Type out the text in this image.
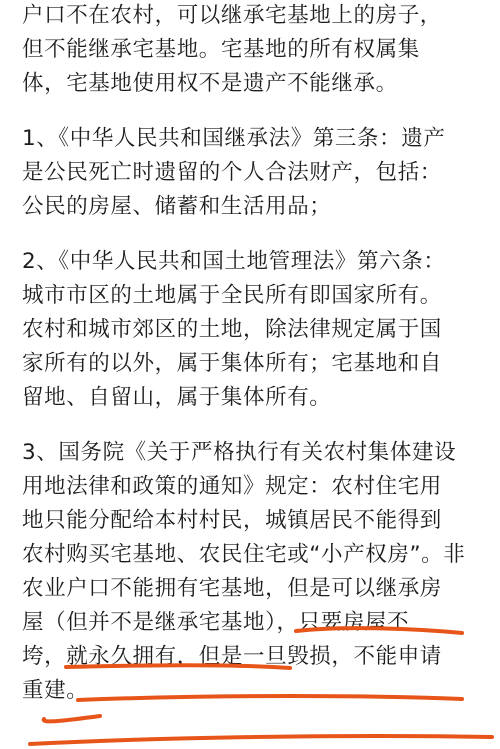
户口不在农村，可以继承宅基地上的房子，
但不能继承宅基地。宅基地的所有权属集
体，宅基地使用权不是遗产不能继承。
1、《中华人民共和国继承法》第三条：遗产
是公民死亡时遗留的个人合法财产，包括：
公民的房屋、储蓄和生活用品；
2、《中华人民共和国土地管理法》第六条：
城市市区的土地属于全民所有即国家所有。
农村和城市郊区的土地，除法律规定属于国
家所有的以外，属于集体所有；宅基地和自
留地、自留山，属于集体所有。
3、国务院《关于严格执行有关农村集体建设
用地法律和政策的通知》规定：农村住宅用
地只能分配给本村村民，城镇居民不能得到
农村购买宅基地、农民住宅或“小产权房”。非
农业户口不能拥有宅基地，但是可以继承房
屋（但并不是继承宅基地），只要房屋不
垮，就永久拥有，但是一旦毁损，不能申请
重建。
